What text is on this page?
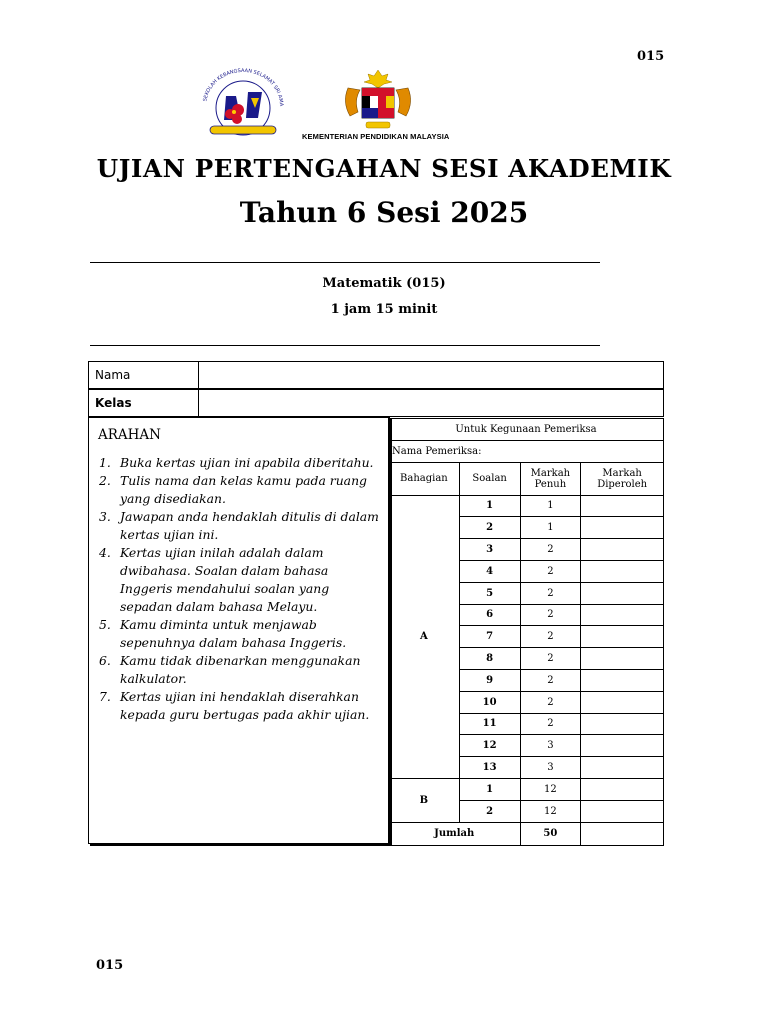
015
SEKOLAH KEBANGSAAN SELAMAT SRI AMA
KEMENTERIAN PENDIDIKAN MALAYSIA
UJIAN PERTENGAHAN SESI AKADEMIK
Tahun 6 Sesi 2025
Matematik (015)
1 jam 15 minit
Nama
Kelas
ARAHAN
1. Buka kertas ujian ini apabila diberitahu.
2. Tulis nama dan kelas kamu pada ruang yang disediakan.
3. Jawapan anda hendaklah ditulis di dalam kertas ujian ini.
4. Kertas ujian inilah adalah dalam dwibahasa. Soalan dalam bahasa Inggeris mendahului soalan yang sepadan dalam bahasa Melayu.
5. Kamu diminta untuk menjawab sepenuhnya dalam bahasa Inggeris.
6. Kamu tidak dibenarkan menggunakan kalkulator.
7. Kertas ujian ini hendaklah diserahkan kepada guru bertugas pada akhir ujian.
Untuk Kegunaan Pemeriksa			
Nama Pemeriksa:			
Bahagian	Soalan	Markah Penuh	Markah Diperoleh
A	1	1	
	2	1	
	3	2	
	4	2	
	5	2	
	6	2	
	7	2	
	8	2	
	9	2	
	10	2	
	11	2	
	12	3	
	13	3	
B	1	12	
	2	12	
Jumlah		50	
015
